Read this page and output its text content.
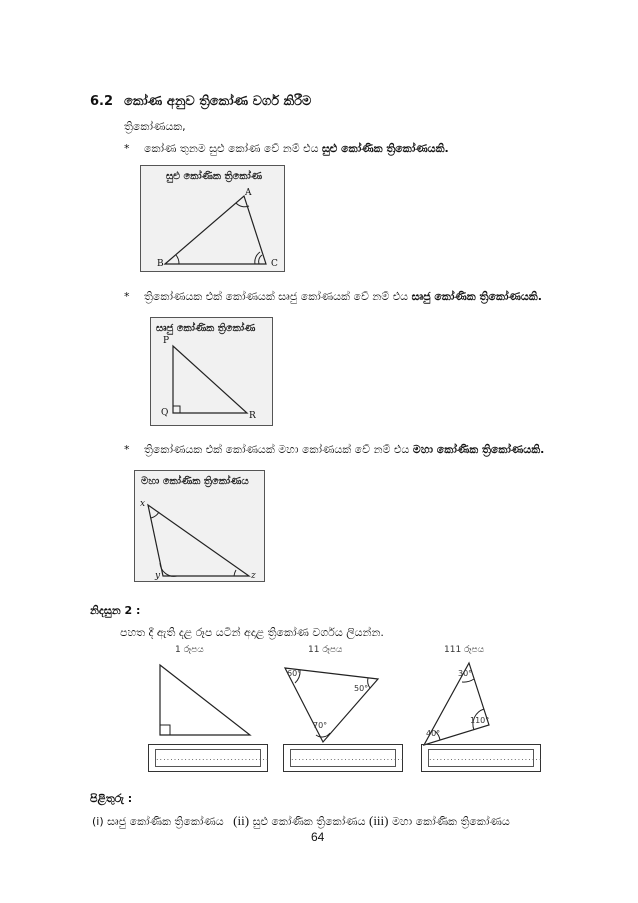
6.2 කෝණ අනුව ත්‍රිකෝණ වර්ග කිරීම
ත්‍රිකෝණයක,
* කෝණ තුනම සුළු කෝණ වේ නම් එය සුළු කෝණික ත්‍රිකෝණයකි.
සුළු කෝණික ත්‍රිකෝණ
A
B	C
* ත්‍රිකෝණයක එක් කෝණයක් සෘජු කෝණයක් වේ නම් එය සෘජු කෝණික ත්‍රිකෝණයකි.
සෘජු කෝණික ත්‍රිකෝණ
P
Q	R
* ත්‍රිකෝණයක එක් කෝණයක් මහා කෝණයක් වේ නම් එය මහා කෝණික ත්‍රිකෝණයකි.
මහා කෝණික ත්‍රිකෝණය
x
y	z
නිදසුන 2 :
පහත දී ඇති දළ රූප යටින් අදාළ ත්‍රිකෝණ වර්ගය ලියන්න.
1 රූපය	11 රූපය	111 රූපය
60°
50°
70°
30°
110°
40°
................................	................................	................................
පිළිතුරු :
(i) සෘජු කෝණික ත්‍රිකෝණය (ii) සුළු කෝණික ත්‍රිකෝණය (iii) මහා කෝණික ත්‍රිකෝණය
64
